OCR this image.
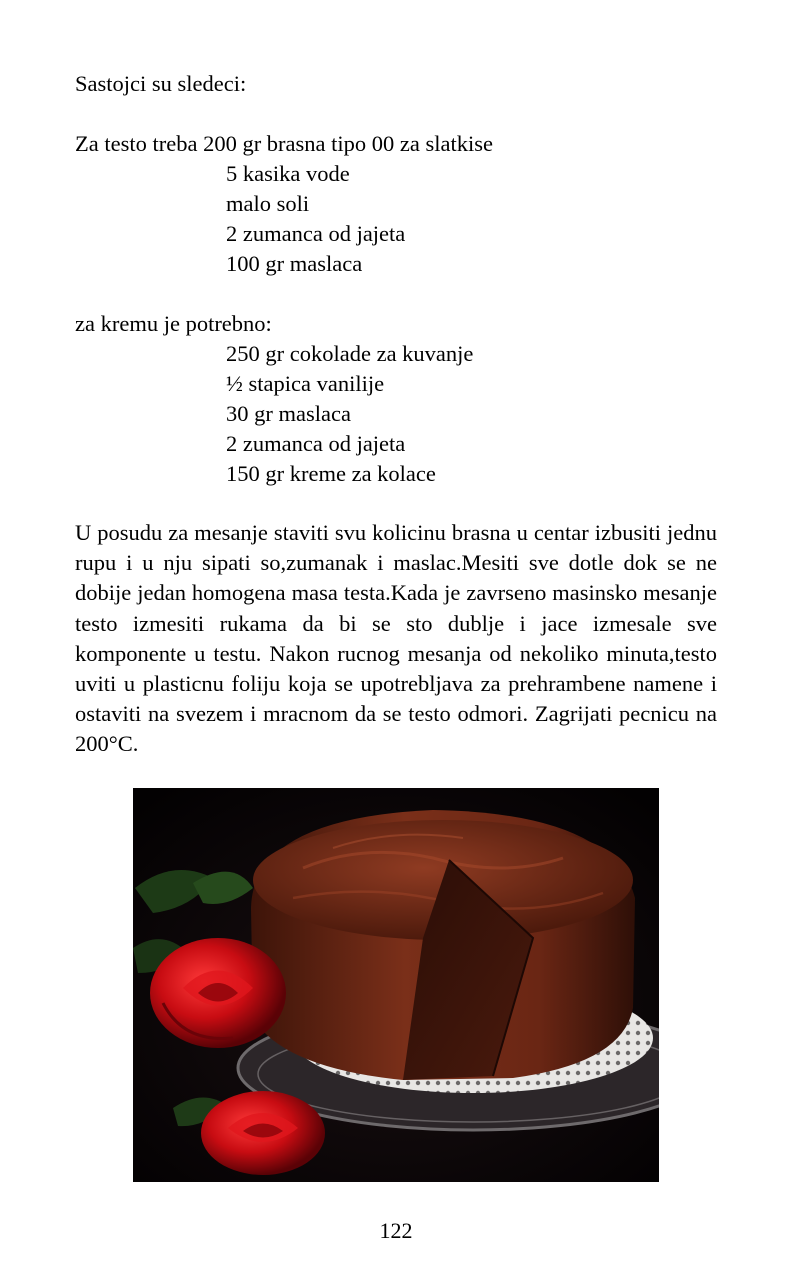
Sastojci su sledeci:
Za testo treba 200 gr brasna tipo 00 za slatkise
5 kasika vode
malo soli
2 zumanca od jajeta
100 gr maslaca
za kremu je potrebno:
250 gr cokolade za kuvanje
½ stapica vanilije
30 gr maslaca
2 zumanca od jajeta
150 gr kreme za kolace
U posudu za mesanje staviti svu kolicinu brasna u centar izbusiti jednu rupu i u nju sipati so,zumanak i maslac.Mesiti sve dotle dok se ne dobije jedan homogena masa testa.Kada je zavrseno masinsko mesanje testo izmesiti rukama da bi se sto dublje i jace izmesale sve komponente u testu. Nakon rucnog mesanja od nekoliko minuta,testo uviti u plasticnu foliju koja se upotrebljava za prehrambene namene i ostaviti na svezem i mracnom da se testo odmori. Zagrijati pecnicu na 200°C.
122
